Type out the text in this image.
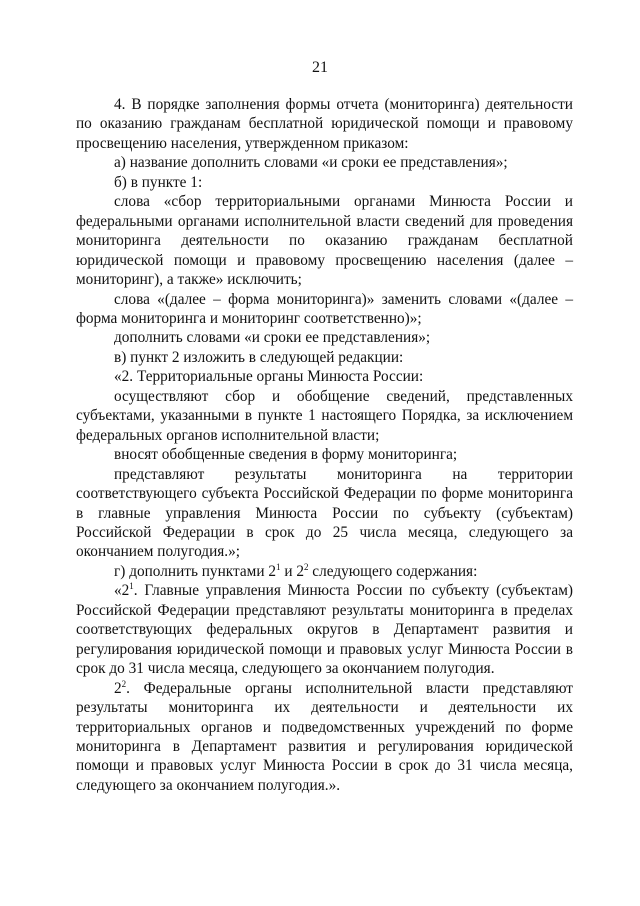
21

4. В порядке заполнения формы отчета (мониторинга) деятельности по оказанию гражданам бесплатной юридической помощи и правовому просвещению населения, утвержденном приказом:

а) название дополнить словами «и сроки ее представления»;

б) в пункте 1:

слова «сбор территориальными органами Минюста России и федеральными органами исполнительной власти сведений для проведения мониторинга деятельности по оказанию гражданам бесплатной юридической помощи и правовому просвещению населения (далее – мониторинг), а также» исключить;

слова «(далее – форма мониторинга)» заменить словами «(далее – форма мониторинга и мониторинг соответственно)»;

дополнить словами «и сроки ее представления»;

в) пункт 2 изложить в следующей редакции:

«2. Территориальные органы Минюста России:

осуществляют сбор и обобщение сведений, представленных субъектами, указанными в пункте 1 настоящего Порядка, за исключением федеральных органов исполнительной власти;

вносят обобщенные сведения в форму мониторинга;

представляют результаты мониторинга на территории соответствующего субъекта Российской Федерации по форме мониторинга в главные управления Минюста России по субъекту (субъектам) Российской Федерации в срок до 25 числа месяца, следующего за окончанием полугодия.»;

г) дополнить пунктами $2^1$ и $2^2$ следующего содержания:

«$2^1$. Главные управления Минюста России по субъекту (субъектам) Российской Федерации представляют результаты мониторинга в пределах соответствующих федеральных округов в Департамент развития и регулирования юридической помощи и правовых услуг Минюста России в срок до 31 числа месяца, следующего за окончанием полугодия.

$2^2$. Федеральные органы исполнительной власти представляют результаты мониторинга их деятельности и деятельности их территориальных органов и подведомственных учреждений по форме мониторинга в Департамент развития и регулирования юридической помощи и правовых услуг Минюста России в срок до 31 числа месяца, следующего за окончанием полугодия.».
